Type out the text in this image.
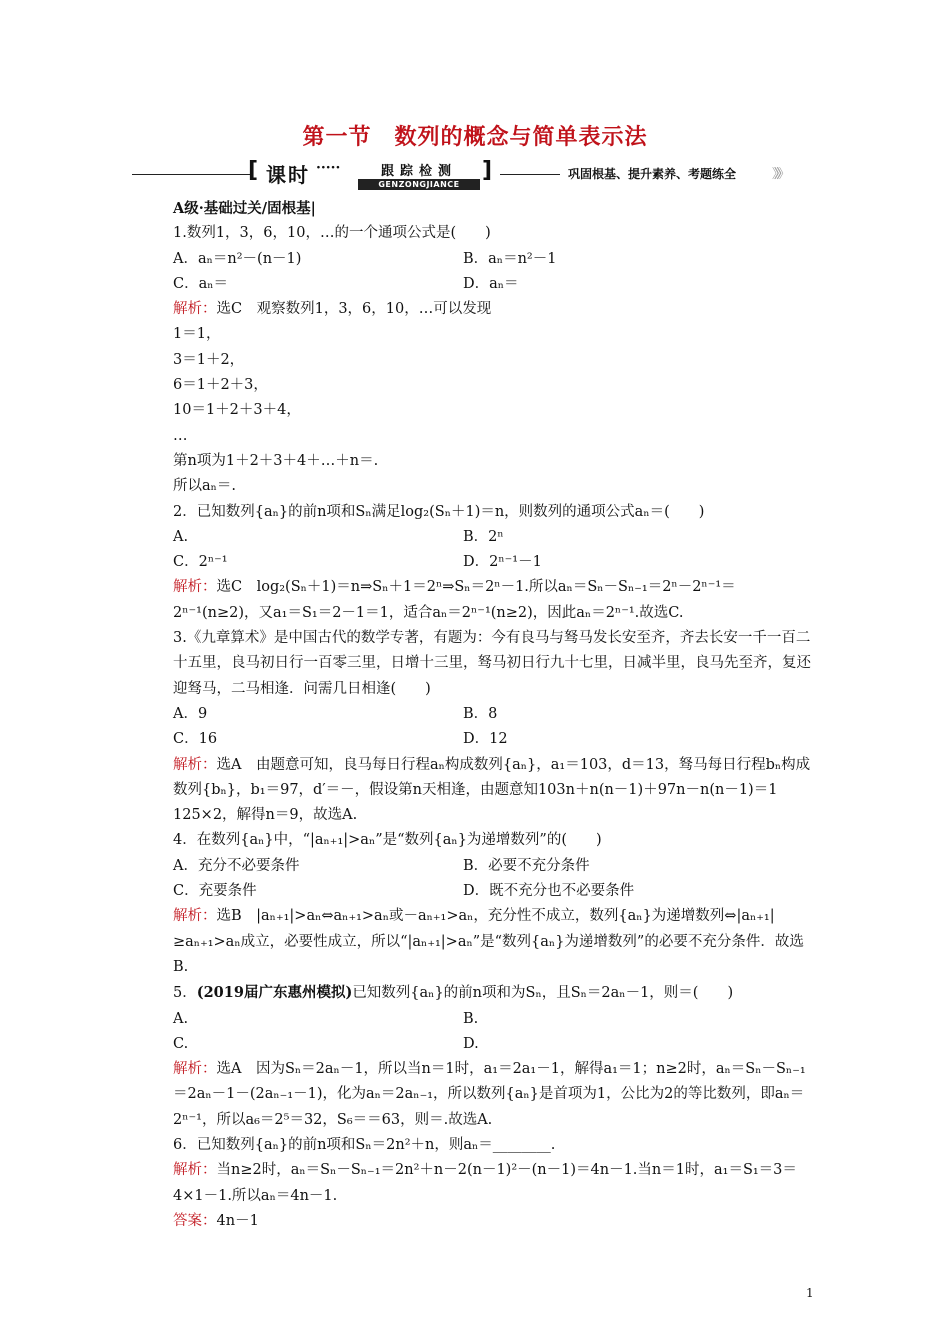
第一节　数列的概念与简单表示法
[ 课时 ·····	跟踪检测
GENZONGJIANCE
]	巩固根基、提升素养、考题练全	》》》
A级·基础过关/固根基|
1.数列1，3，6，10，…的一个通项公式是(　　)
A．aₙ＝n²－(n－1)	B．aₙ＝n²－1
C．aₙ＝	D．aₙ＝
解析：选C　观察数列1，3，6，10，…可以发现
1＝1，
3＝1＋2，
6＝1＋2＋3，
10＝1＋2＋3＋4，
…
第n项为1＋2＋3＋4＋…＋n＝.
所以aₙ＝.
2．已知数列{aₙ}的前n项和Sₙ满足log₂(Sₙ＋1)＝n，则数列的通项公式aₙ＝(　　)
A.	B．2ⁿ
C．2ⁿ⁻¹	D．2ⁿ⁻¹－1
解析：选C　log₂(Sₙ＋1)＝n⇒Sₙ＋1＝2ⁿ⇒Sₙ＝2ⁿ－1.所以aₙ＝Sₙ－Sₙ₋₁＝2ⁿ－2ⁿ⁻¹＝2ⁿ⁻¹(n≥2)，又a₁＝S₁＝2－1＝1，适合aₙ＝2ⁿ⁻¹(n≥2)，因此aₙ＝2ⁿ⁻¹.故选C.
3.《九章算术》是中国古代的数学专著，有题为：今有良马与驽马发长安至齐，齐去长安一千一百二十五里，良马初日行一百零三里，日增十三里，驽马初日行九十七里，日减半里，良马先至齐，复还迎驽马，二马相逢．问需几日相逢(　　)
A．9	B．8
C．16	D．12
解析：选A　由题意可知，良马每日行程aₙ构成数列{aₙ}，a₁＝103，d＝13，驽马每日行程bₙ构成数列{bₙ}，b₁＝97，d′＝－，假设第n天相逢，由题意知103n＋n(n－1)＋97n－n(n－1)＝1 125×2，解得n＝9，故选A.
4．在数列{aₙ}中，“|aₙ₊₁|>aₙ”是“数列{aₙ}为递增数列”的(　　)
A．充分不必要条件	B．必要不充分条件
C．充要条件	D．既不充分也不必要条件
解析：选B　|aₙ₊₁|>aₙ⇔aₙ₊₁>aₙ或－aₙ₊₁>aₙ，充分性不成立，数列{aₙ}为递增数列⇔|aₙ₊₁|≥aₙ₊₁>aₙ成立，必要性成立，所以“|aₙ₊₁|>aₙ”是“数列{aₙ}为递增数列”的必要不充分条件．故选B.
5．(2019届广东惠州模拟)已知数列{aₙ}的前n项和为Sₙ，且Sₙ＝2aₙ－1，则＝(　　)
A.	B.
C.	D.
解析：选A　因为Sₙ＝2aₙ－1，所以当n＝1时，a₁＝2a₁－1，解得a₁＝1；n≥2时，aₙ＝Sₙ－Sₙ₋₁＝2aₙ－1－(2aₙ₋₁－1)，化为aₙ＝2aₙ₋₁，所以数列{aₙ}是首项为1，公比为2的等比数列，即aₙ＝2ⁿ⁻¹，所以a₆＝2⁵＝32，S₆＝＝63，则＝.故选A.
6．已知数列{aₙ}的前n项和Sₙ＝2n²＋n，则aₙ＝________.
解析：当n≥2时，aₙ＝Sₙ－Sₙ₋₁＝2n²＋n－2(n－1)²－(n－1)＝4n－1.当n＝1时，a₁＝S₁＝3＝4×1－1.所以aₙ＝4n－1.
答案：4n－1
1
